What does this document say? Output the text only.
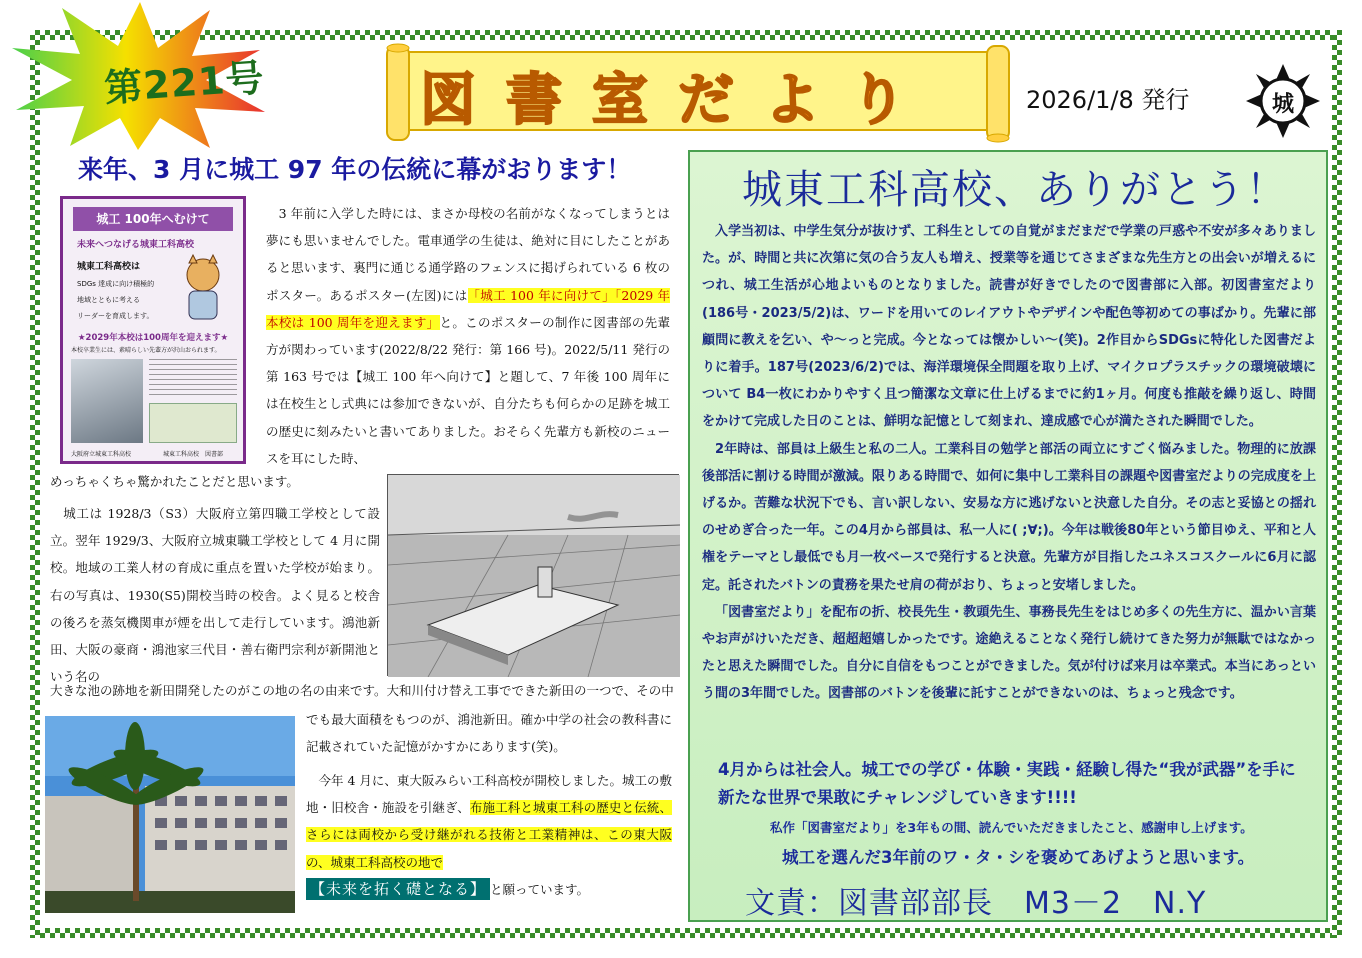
第221号	図書室だより	2026/1/8 発行	城
来年、3 月に城工 97 年の伝統に幕がおります！
城工 100年へむけて
未来へつなげる城東工科高校
城東工科高校は
SDGs 達成に向け積極的
地域とともに考える
リーダーを育成します。
★2029年本校は100周年を迎えます★
本校卒業生には、素晴らしい先輩方が沢山おられます。
大阪府立城東工科高校	城東工科高校　図書部
　3 年前に入学した時には、まさか母校の名前がなくなってしまうとは夢にも思いませんでした。電車通学の生徒は、絶対に目にしたことがあると思います、裏門に通じる通学路のフェンスに掲げられている 6 枚のポスター。あるポスター(左図)には「城工 100 年に向けて」「2029 年本校は 100 周年を迎えます」と。このポスターの制作に図書部の先輩方が関わっています(2022/8/22 発行：第 166 号)。2022/5/11 発行の第 163 号では【城工 100 年へ向けて】と題して、7 年後 100 周年には在校生とし式典には参加できないが、自分たちも何らかの足跡を城工の歴史に刻みたいと書いてありました。おそらく先輩方も新校のニュースを耳にした時、
めっちゃくちゃ驚かれたことだと思います。
　城工は 1928/3（S3）大阪府立第四職工学校として設立。翌年 1929/3、大阪府立城東職工学校として 4 月に開校。地域の工業人材の育成に重点を置いた学校が始まり。右の写真は、1930(S5)開校当時の校舎。よく見ると校舎の後ろを蒸気機関車が煙を出して走行しています。鴻池新田、大阪の豪商・鴻池家三代目・善右衛門宗利が新開池という名の
大きな池の跡地を新田開発したのがこの地の名の由来です。大和川付け替え工事でできた新田の一つで、その中
でも最大面積をもつのが、鴻池新田。確か中学の社会の教科書に記載されていた記憶がかすかにあります(笑)。
　今年 4 月に、東大阪みらい工科高校が開校しました。城工の敷地・旧校舎・施設を引継ぎ、布施工科と城東工科の歴史と伝統、さらには両校から受け継がれる技術と工業精神は、この東大阪の、城東工科高校の地で
【未来を拓く礎となる】 と願っています。
城東工科高校、ありがとう！

入学当初は、中学生気分が抜けず、工科生としての自覚がまだまだで学業の戸惑や不安が多々ありました。が、時間と共に次第に気の合う友人も増え、授業等を通じてさまざまな先生方との出会いが増えるにつれ、城工生活が心地よいものとなりました。読書が好きでしたので図書部に入部。初図書室だより(186号・2023/5/2)は、ワードを用いてのレイアウトやデザインや配色等初めての事ばかり。先輩に部顧問に教えを乞い、や～っと完成。今となっては懐かしい～(笑)。2作目からSDGsに特化した図書だよりに着手。187号(2023/6/2)では、海洋環境保全問題を取り上げ、マイクロプラスチックの環境破壊について B4一枚にわかりやすく且つ簡潔な文章に仕上げるまでに約1ヶ月。何度も推敲を繰り返し、時間をかけて完成した日のことは、鮮明な記憶として刻まれ、達成感で心が満たされた瞬間でした。

2年時は、部員は上級生と私の二人。工業科目の勉学と部活の両立にすごく悩みました。物理的に放課後部活に割ける時間が激減。限りある時間で、如何に集中し工業科目の課題や図書室だよりの完成度を上げるか。苦難な状況下でも、言い訳しない、安易な方に逃げないと決意した自分。その志と妥協との揺れのせめぎ合った一年。この4月から部員は、私一人に( ;∀;)。今年は戦後80年という節目ゆえ、平和と人権をテーマとし最低でも月一枚ベースで発行すると決意。先輩方が目指したユネスコスクールに6月に認定。託されたバトンの責務を果たせ肩の荷がおり、ちょっと安堵しました。

「図書室だより」を配布の折、校長先生・教頭先生、事務長先生をはじめ多くの先生方に、温かい言葉やお声がけいただき、超超超嬉しかったです。途絶えることなく発行し続けてきた努力が無駄ではなかったと思えた瞬間でした。自分に自信をもつことができました。気が付けば来月は卒業式。本当にあっという間の3年間でした。図書部のバトンを後輩に託すことができないのは、ちょっと残念です。

4月からは社会人。城工での学び・体験・実践・経験し得た“我が武器”を手に
新たな世界で果敢にチャレンジしていきます!!!!
私作「図書室だより」を3年もの間、読んでいただきましたこと、感謝申し上げます。
城工を選んだ3年前のワ・タ・シを褒めてあげようと思います。
文責：図書部部長　M3－2　N.Y
